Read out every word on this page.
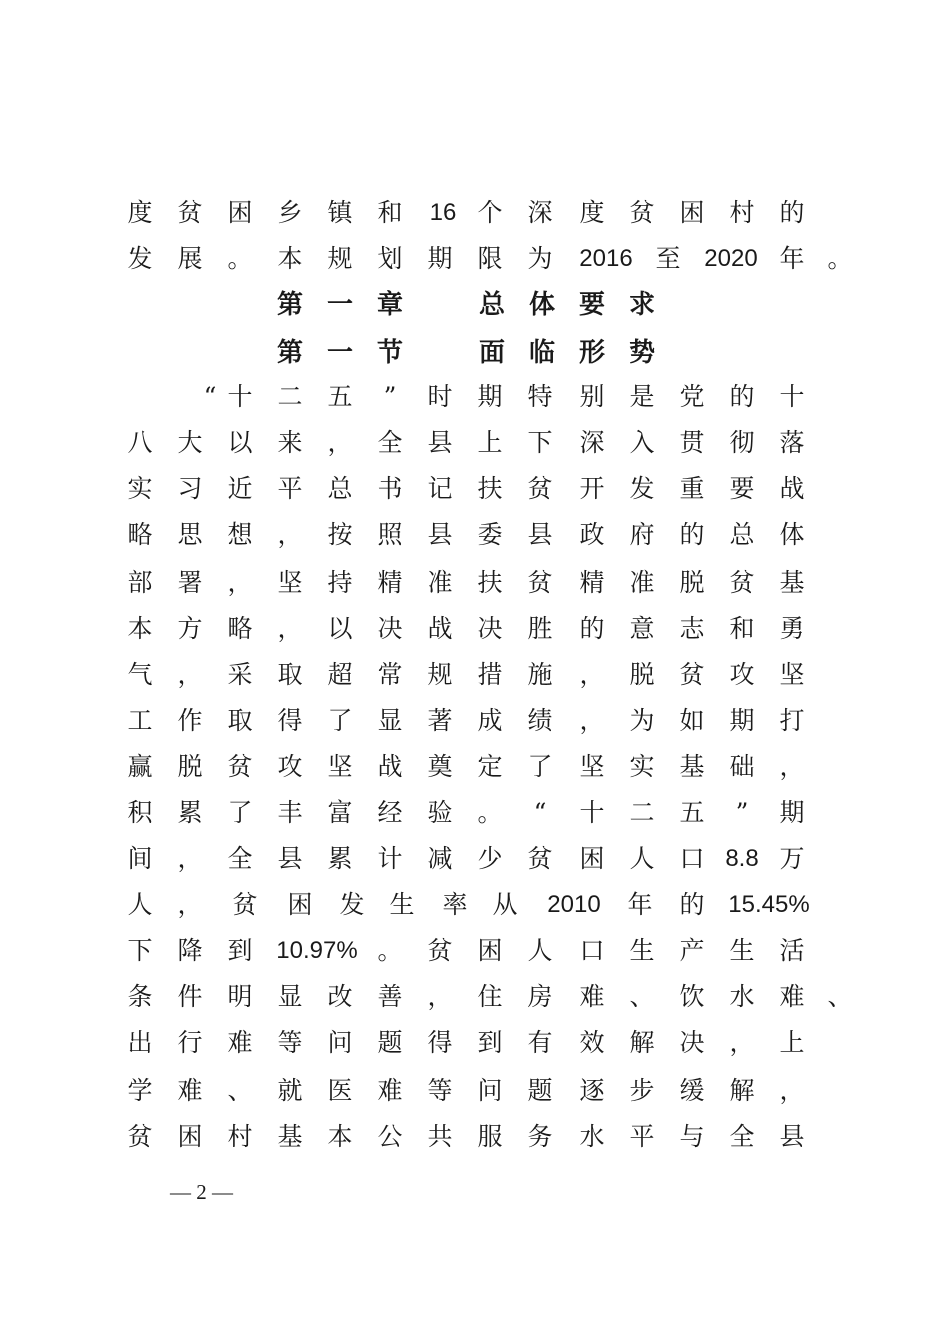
度 贫 困 乡 镇 和 16 个 深 度 贫 困 村 的
发 展 。 本 规 划 期 限 为 2016 至 2020 年 。
第 一 章	总 体 要 求
第 一 节	面 临 形 势
“ 十 二 五 ” 时 期 特 别 是 党 的 十
八 大 以 来 ， 全 县 上 下 深 入 贯 彻 落
实 习 近 平 总 书 记 扶 贫 开 发 重 要 战
略 思 想 ， 按 照 县 委 县 政 府 的 总 体
部 署 ， 坚 持 精 准 扶 贫 精 准 脱 贫 基
本 方 略 ， 以 决 战 决 胜 的 意 志 和 勇
气 ， 采 取 超 常 规 措 施 ， 脱 贫 攻 坚
工 作 取 得 了 显 著 成 绩 ， 为 如 期 打
赢 脱 贫 攻 坚 战 奠 定 了 坚 实 基 础 ，
积 累 了 丰 富 经 验 。 “ 十 二 五 ” 期
间 ， 全 县 累 计 减 少 贫 困 人 口 8.8 万
人 ， 贫 困 发 生 率 从 2010 年 的 15.45%
下 降 到 10.97% 。 贫 困 人 口 生 产 生 活
条 件 明 显 改 善 ， 住 房 难 、 饮 水 难 、
出 行 难 等 问 题 得 到 有 效 解 决 ， 上
学 难 、 就 医 难 等 问 题 逐 步 缓 解 ，
贫 困 村 基 本 公 共 服 务 水 平 与 全 县
— 2 —
